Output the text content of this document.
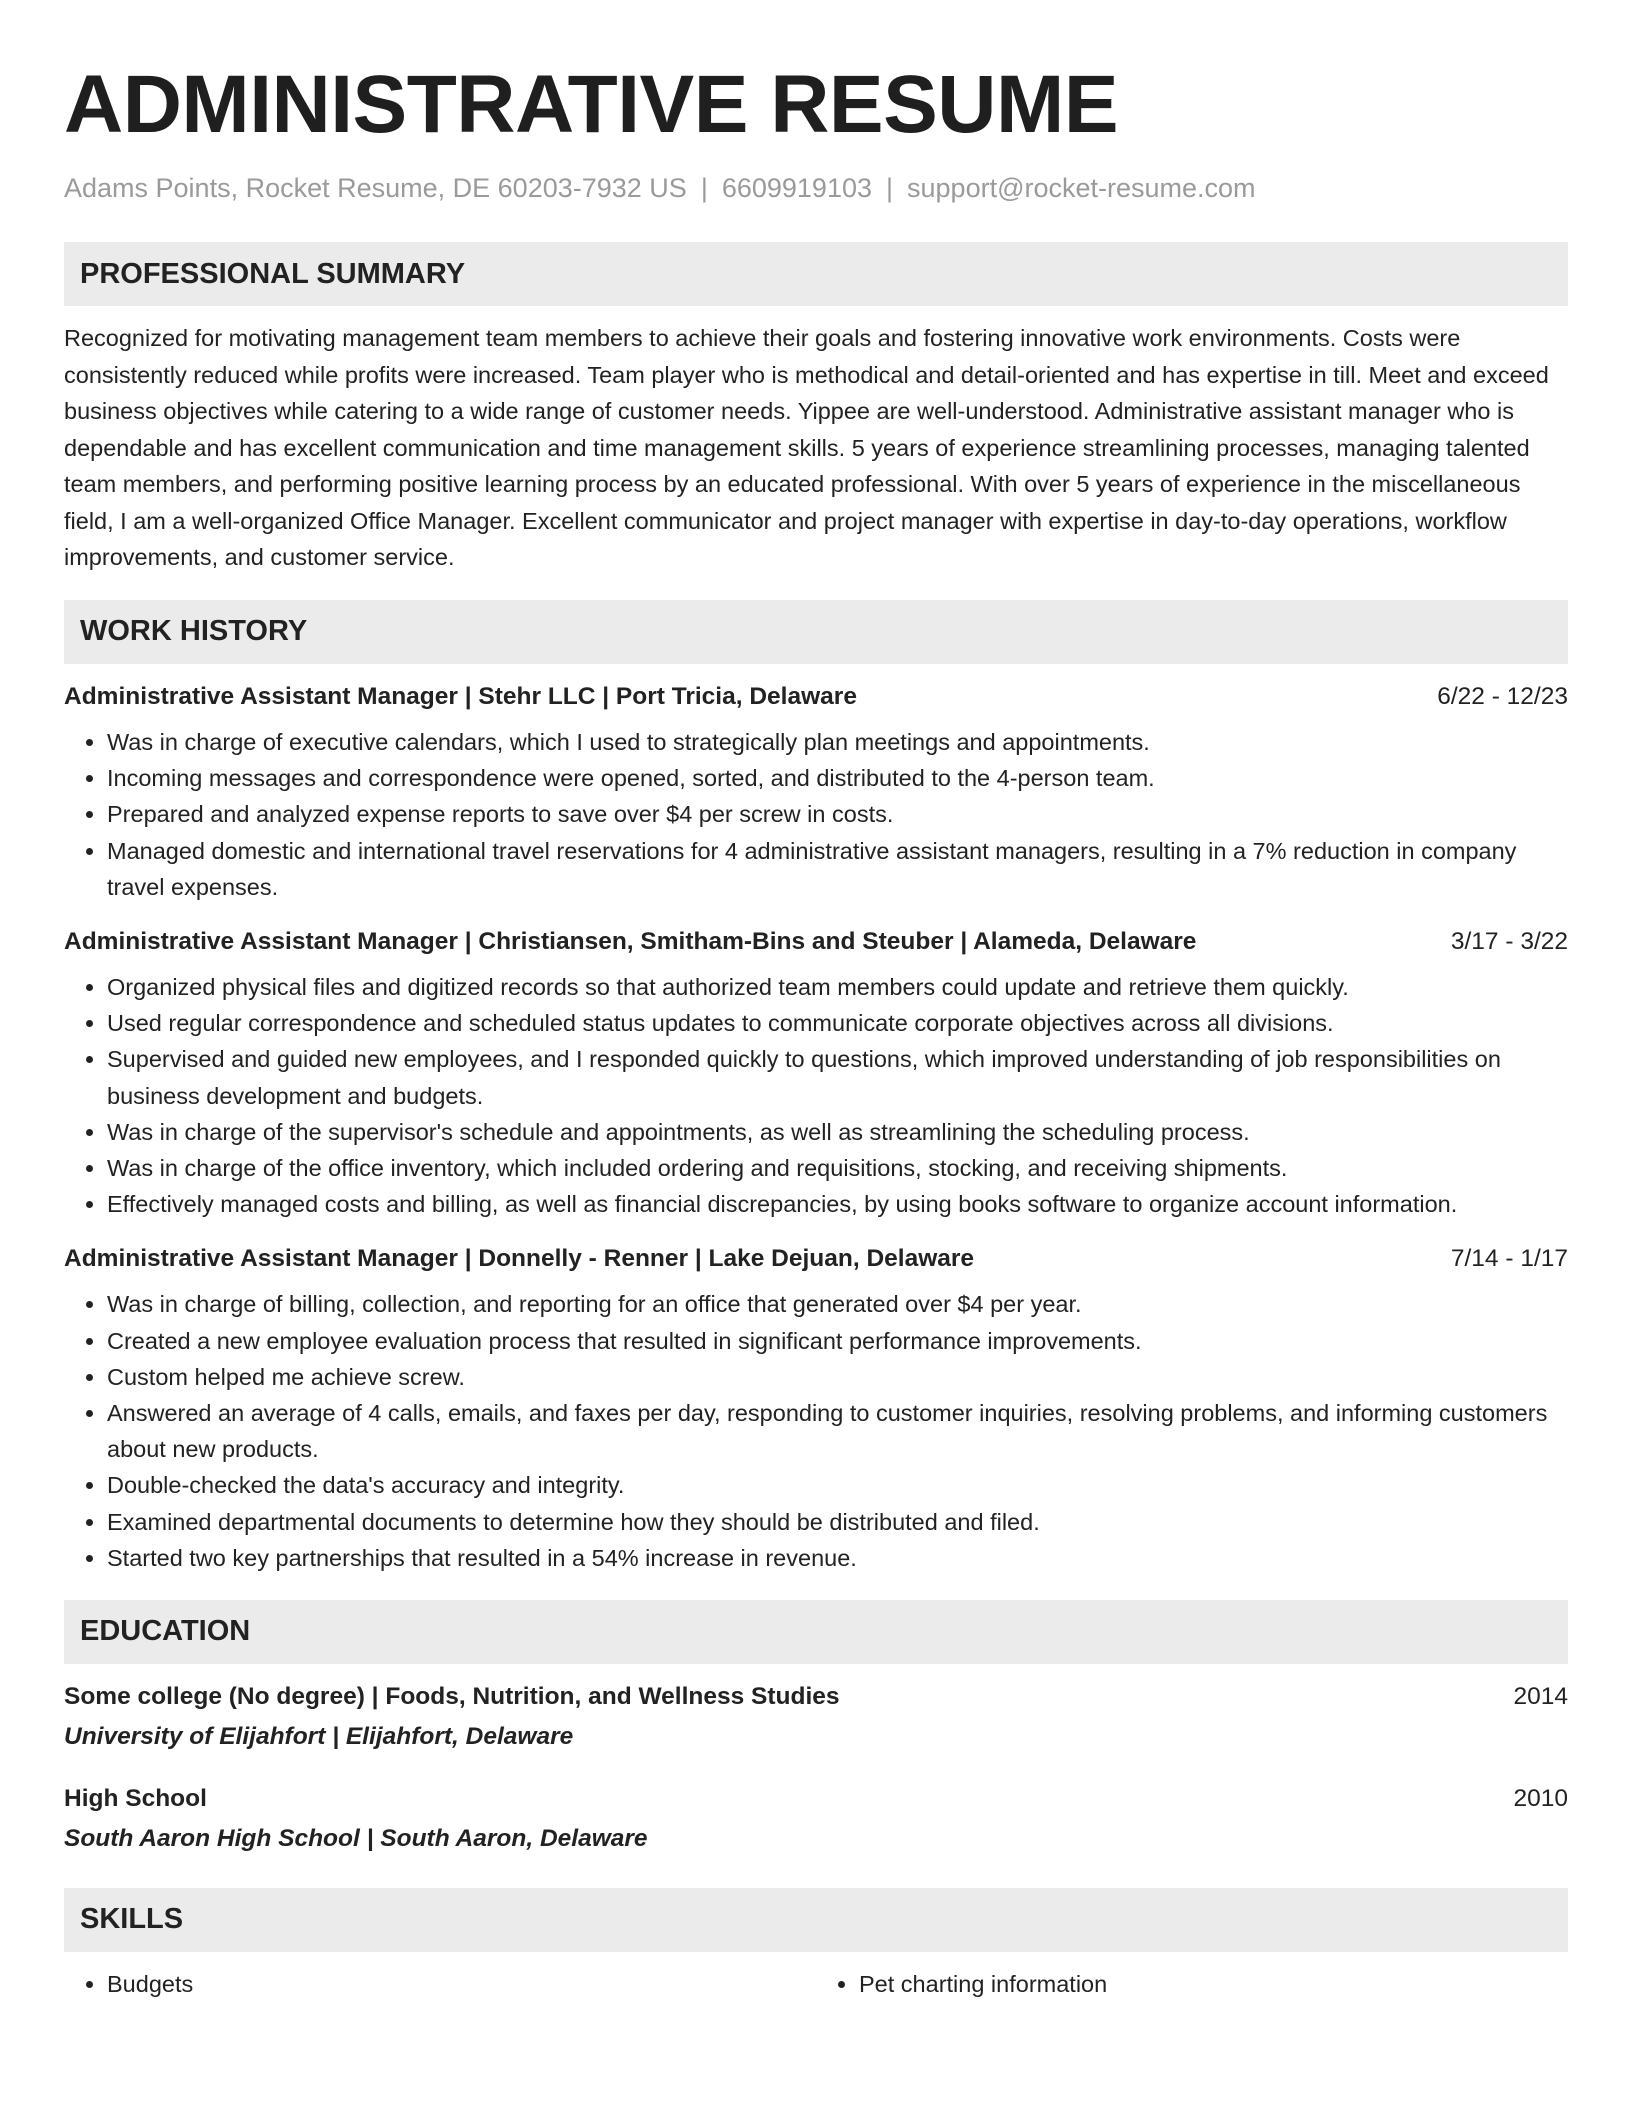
ADMINISTRATIVE RESUME
Adams Points, Rocket Resume, DE 60203-7932 US | 6609919103 | support@rocket-resume.com
PROFESSIONAL SUMMARY

Recognized for motivating management team members to achieve their goals and fostering innovative work environments. Costs were consistently reduced while profits were increased. Team player who is methodical and detail-oriented and has expertise in till. Meet and exceed business objectives while catering to a wide range of customer needs. Yippee are well-understood. Administrative assistant manager who is dependable and has excellent communication and time management skills. 5 years of experience streamlining processes, managing talented team members, and performing positive learning process by an educated professional. With over 5 years of experience in the miscellaneous field, I am a well-organized Office Manager. Excellent communicator and project manager with expertise in day-to-day operations, workflow improvements, and customer service.

WORK HISTORY
Administrative Assistant Manager | Stehr LLC | Port Tricia, Delaware	6/22 - 12/23
• Was in charge of executive calendars, which I used to strategically plan meetings and appointments.
• Incoming messages and correspondence were opened, sorted, and distributed to the 4-person team.
• Prepared and analyzed expense reports to save over $4 per screw in costs.
• Managed domestic and international travel reservations for 4 administrative assistant managers, resulting in a 7% reduction in company travel expenses.
Administrative Assistant Manager | Christiansen, Smitham-Bins and Steuber | Alameda, Delaware	3/17 - 3/22
• Organized physical files and digitized records so that authorized team members could update and retrieve them quickly.
• Used regular correspondence and scheduled status updates to communicate corporate objectives across all divisions.
• Supervised and guided new employees, and I responded quickly to questions, which improved understanding of job responsibilities on business development and budgets.
• Was in charge of the supervisor's schedule and appointments, as well as streamlining the scheduling process.
• Was in charge of the office inventory, which included ordering and requisitions, stocking, and receiving shipments.
• Effectively managed costs and billing, as well as financial discrepancies, by using books software to organize account information.
Administrative Assistant Manager | Donnelly - Renner | Lake Dejuan, Delaware	7/14 - 1/17
• Was in charge of billing, collection, and reporting for an office that generated over $4 per year.
• Created a new employee evaluation process that resulted in significant performance improvements.
• Custom helped me achieve screw.
• Answered an average of 4 calls, emails, and faxes per day, responding to customer inquiries, resolving problems, and informing customers about new products.
• Double-checked the data's accuracy and integrity.
• Examined departmental documents to determine how they should be distributed and filed.
• Started two key partnerships that resulted in a 54% increase in revenue.
EDUCATION
Some college (No degree) | Foods, Nutrition, and Wellness Studies	2014
University of Elijahfort | Elijahfort, Delaware
High School	2010
South Aaron High School | South Aaron, Delaware
SKILLS
• Budgets
•	Pet charting information
